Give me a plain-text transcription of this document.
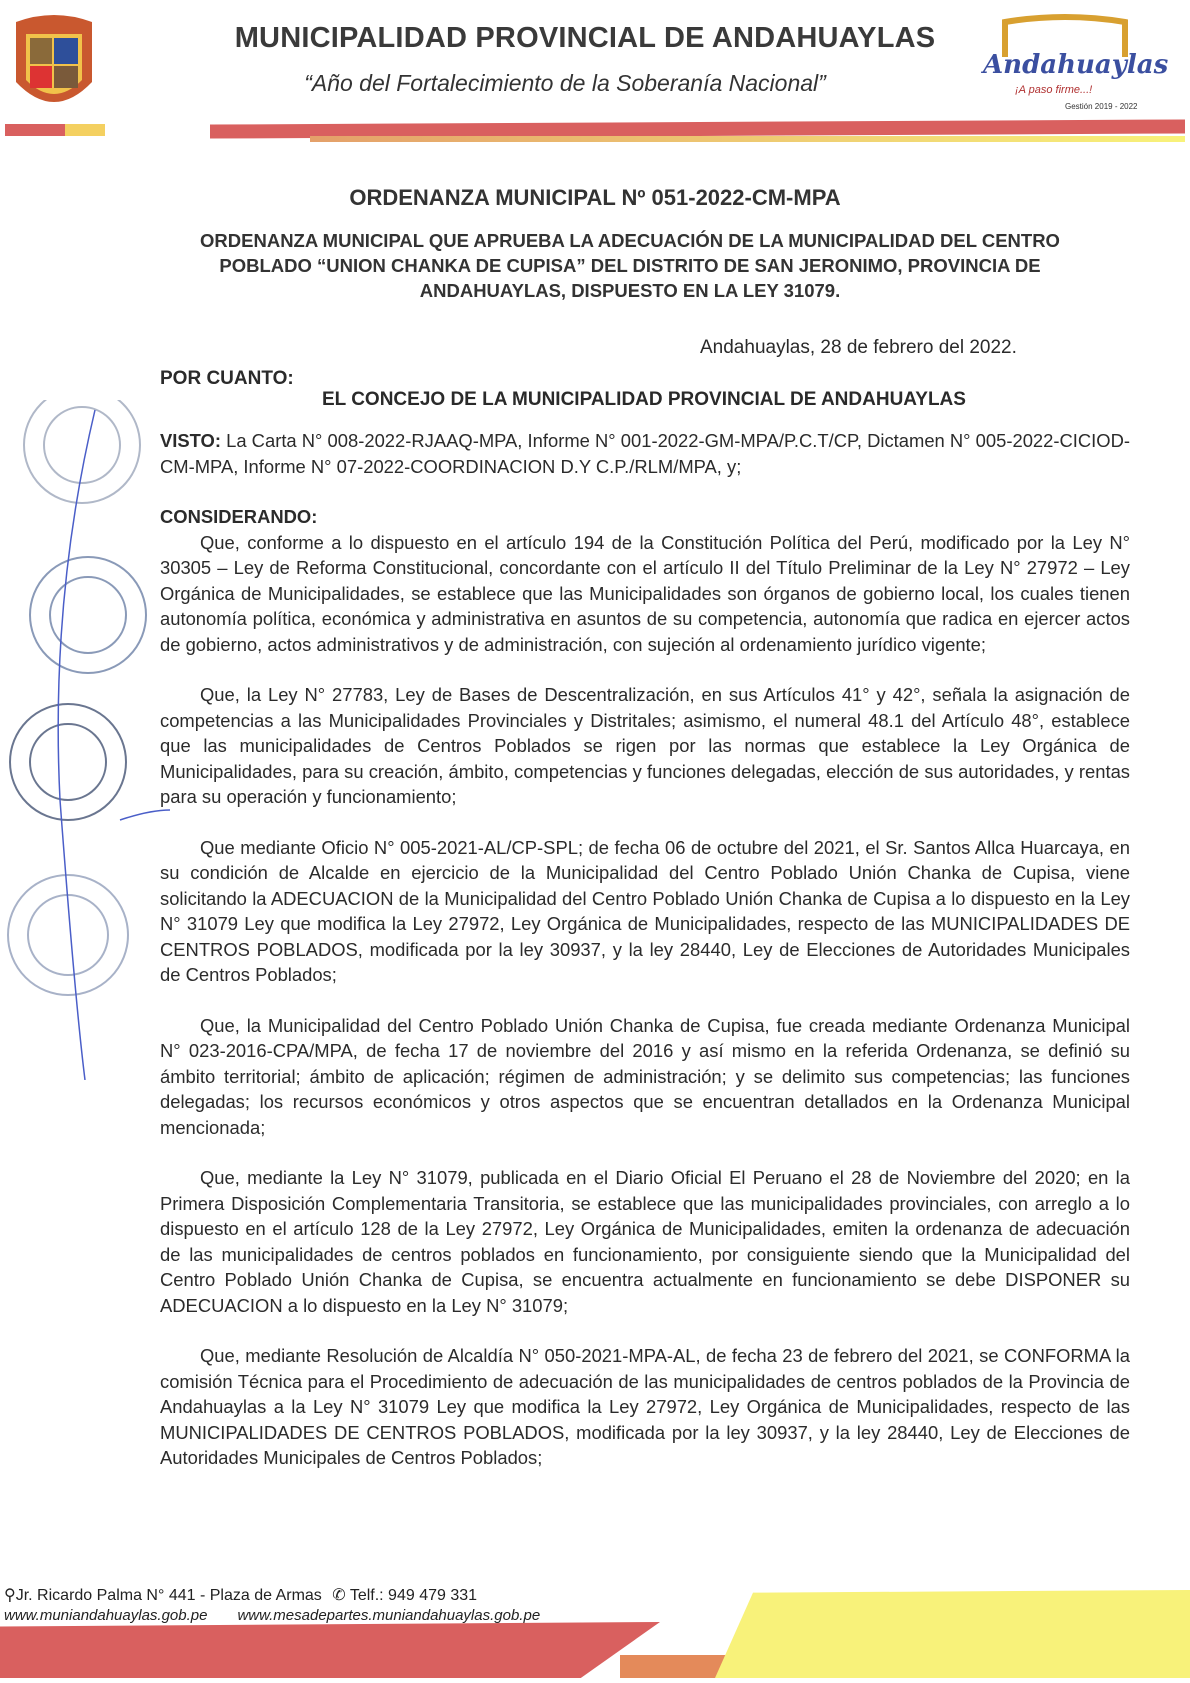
MUNICIPALIDAD PROVINCIAL DE ANDAHUAYLAS
“Año del Fortalecimiento de la Soberanía Nacional”
Andahuaylas
¡A paso firme...!
Gestión 2019 - 2022
ORDENANZA MUNICIPAL Nº 051-2022-CM-MPA
ORDENANZA MUNICIPAL QUE APRUEBA LA ADECUACIÓN DE LA MUNICIPALIDAD DEL CENTRO POBLADO “UNION CHANKA DE CUPISA” DEL DISTRITO DE SAN JERONIMO, PROVINCIA DE ANDAHUAYLAS, DISPUESTO EN LA LEY 31079.
Andahuaylas, 28 de febrero del 2022.
POR CUANTO:
EL CONCEJO DE LA MUNICIPALIDAD PROVINCIAL DE ANDAHUAYLAS

VISTO: La Carta N° 008-2022-RJAAQ-MPA, Informe N° 001-2022-GM-MPA/P.C.T/CP, Dictamen N° 005-2022-CICIOD-CM-MPA, Informe N° 07-2022-COORDINACION D.Y C.P./RLM/MPA, y;

CONSIDERANDO:

Que, conforme a lo dispuesto en el artículo 194 de la Constitución Política del Perú, modificado por la Ley N° 30305 – Ley de Reforma Constitucional, concordante con el artículo II del Título Preliminar de la Ley N° 27972 – Ley Orgánica de Municipalidades, se establece que las Municipalidades son órganos de gobierno local, los cuales tienen autonomía política, económica y administrativa en asuntos de su competencia, autonomía que radica en ejercer actos de gobierno, actos administrativos y de administración, con sujeción al ordenamiento jurídico vigente;

Que, la Ley N° 27783, Ley de Bases de Descentralización, en sus Artículos 41° y 42°, señala la asignación de competencias a las Municipalidades Provinciales y Distritales; asimismo, el numeral 48.1 del Artículo 48°, establece que las municipalidades de Centros Poblados se rigen por las normas que establece la Ley Orgánica de Municipalidades, para su creación, ámbito, competencias y funciones delegadas, elección de sus autoridades, y rentas para su operación y funcionamiento;

Que mediante Oficio N° 005-2021-AL/CP-SPL; de fecha 06 de octubre del 2021, el Sr. Santos Allca Huarcaya, en su condición de Alcalde en ejercicio de la Municipalidad del Centro Poblado Unión Chanka de Cupisa, viene solicitando la ADECUACION de la Municipalidad del Centro Poblado Unión Chanka de Cupisa a lo dispuesto en la Ley N° 31079 Ley que modifica la Ley 27972, Ley Orgánica de Municipalidades, respecto de las MUNICIPALIDADES DE CENTROS POBLADOS, modificada por la ley 30937, y la ley 28440, Ley de Elecciones de Autoridades Municipales de Centros Poblados;

Que, la Municipalidad del Centro Poblado Unión Chanka de Cupisa, fue creada mediante Ordenanza Municipal N° 023-2016-CPA/MPA, de fecha 17 de noviembre del 2016 y así mismo en la referida Ordenanza, se definió su ámbito territorial; ámbito de aplicación; régimen de administración; y se delimito sus competencias; las funciones delegadas; los recursos económicos y otros aspectos que se encuentran detallados en la Ordenanza Municipal mencionada;

Que, mediante la Ley N° 31079, publicada en el Diario Oficial El Peruano el 28 de Noviembre del 2020; en la Primera Disposición Complementaria Transitoria, se establece que las municipalidades provinciales, con arreglo a lo dispuesto en el artículo 128 de la Ley 27972, Ley Orgánica de Municipalidades, emiten la ordenanza de adecuación de las municipalidades de centros poblados en funcionamiento, por consiguiente siendo que la Municipalidad del Centro Poblado Unión Chanka de Cupisa, se encuentra actualmente en funcionamiento se debe DISPONER su ADECUACION a lo dispuesto en la Ley N° 31079;

Que, mediante Resolución de Alcaldía N° 050-2021-MPA-AL, de fecha 23 de febrero del 2021, se CONFORMA la comisión Técnica para el Procedimiento de adecuación de las municipalidades de centros poblados de la Provincia de Andahuaylas a la Ley N° 31079 Ley que modifica la Ley 27972, Ley Orgánica de Municipalidades, respecto de las MUNICIPALIDADES DE CENTROS POBLADOS, modificada por la ley 30937, y la ley 28440, Ley de Elecciones de Autoridades Municipales de Centros Poblados;

⚲Jr. Ricardo Palma N° 441 - Plaza de Armas ✆ Telf.: 949 479 331
www.muniandahuaylas.gob.pe www.mesadepartes.muniandahuaylas.gob.pe
